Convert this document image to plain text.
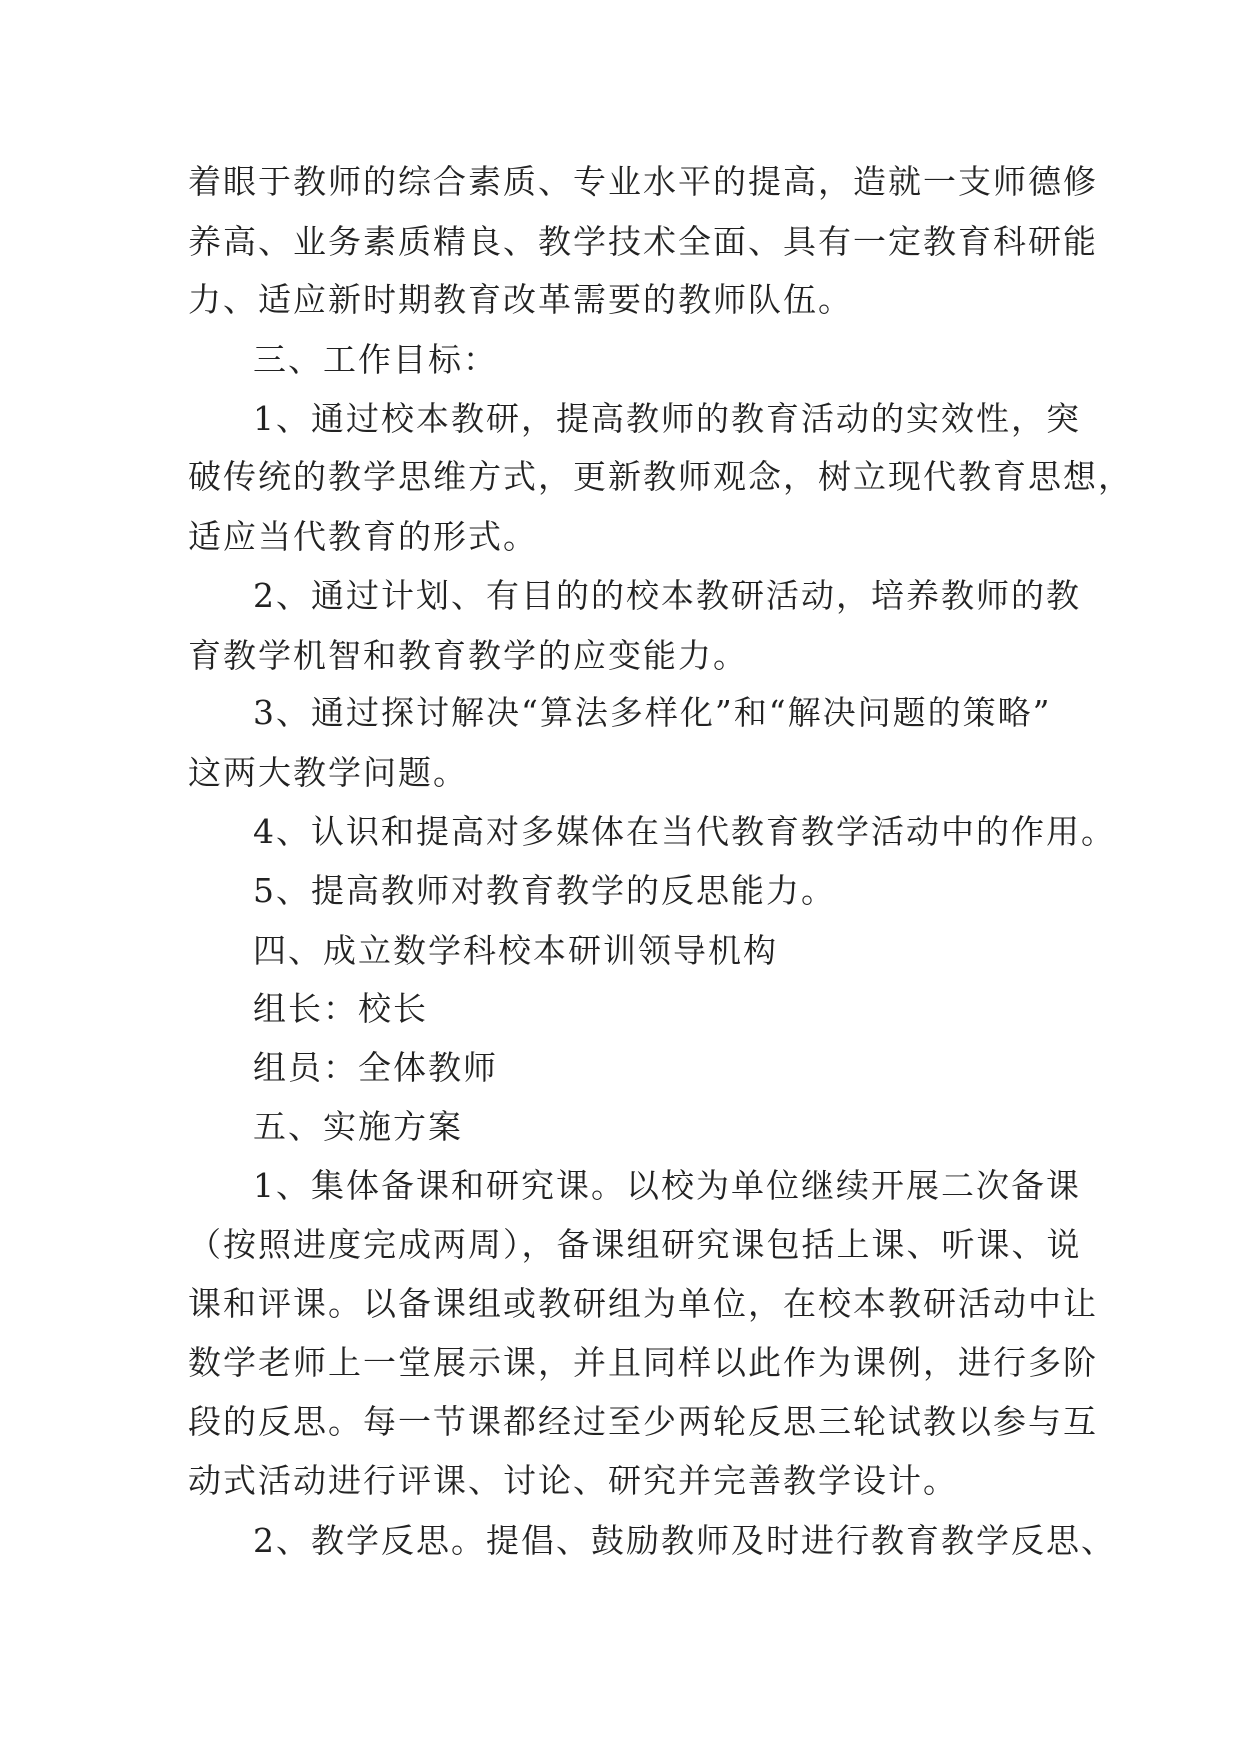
着眼于教师的综合素质、专业水平的提高，造就一支师德修
养高、业务素质精良、教学技术全面、具有一定教育科研能
力、适应新时期教育改革需要的教师队伍。
三、工作目标：
1、通过校本教研，提高教师的教育活动的实效性，突
破传统的教学思维方式，更新教师观念，树立现代教育思想，
适应当代教育的形式。
2、通过计划、有目的的校本教研活动，培养教师的教
育教学机智和教育教学的应变能力。
3、通过探讨解决“算法多样化”和“解决问题的策略”
这两大教学问题。
4、认识和提高对多媒体在当代教育教学活动中的作用。
5、提高教师对教育教学的反思能力。
四、成立数学科校本研训领导机构
组长：校长
组员：全体教师
五、实施方案
1、集体备课和研究课。以校为单位继续开展二次备课
（按照进度完成两周），备课组研究课包括上课、听课、说
课和评课。以备课组或教研组为单位，在校本教研活动中让
数学老师上一堂展示课，并且同样以此作为课例，进行多阶
段的反思。每一节课都经过至少两轮反思三轮试教以参与互
动式活动进行评课、讨论、研究并完善教学设计。
2、教学反思。提倡、鼓励教师及时进行教育教学反思、
